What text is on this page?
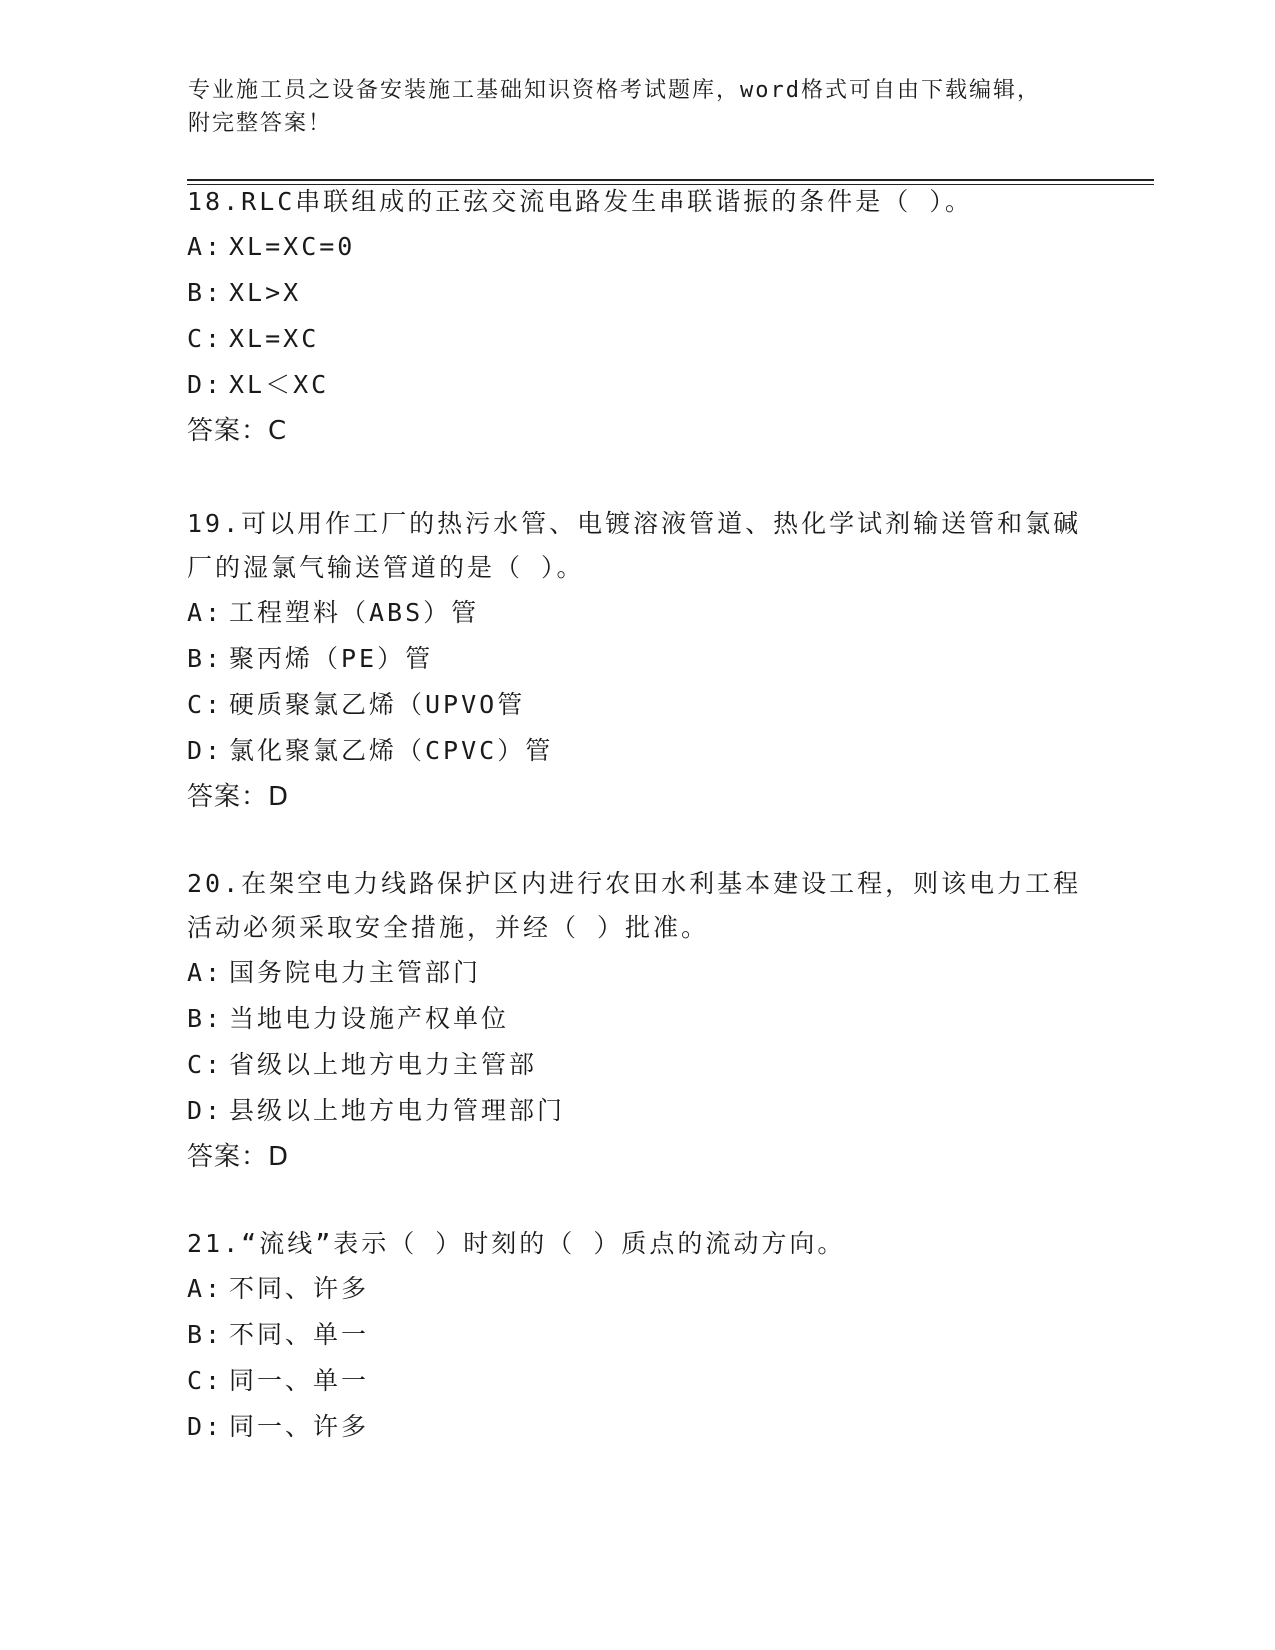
专业施工员之设备安装施工基础知识资格考试题库，word格式可自由下载编辑，
附完整答案！

18.RLC串联组成的正弦交流电路发生串联谐振的条件是（ ）。

A: XL=XC=0
B: XL>X
C: XL=XC
D: XL＜XC
答案：C

19.可以用作工厂的热污水管、电镀溶液管道、热化学试剂输送管和氯碱厂的湿氯气输送管道的是（ ）。

A: 工程塑料（ABS）管
B: 聚丙烯（PE）管
C: 硬质聚氯乙烯（UPVO管
D: 氯化聚氯乙烯（CPVC）管
答案：D

20.在架空电力线路保护区内进行农田水利基本建设工程，则该电力工程活动必须采取安全措施，并经（ ）批准。

A: 国务院电力主管部门
B: 当地电力设施产权单位
C: 省级以上地方电力主管部
D: 县级以上地方电力管理部门
答案：D

21.“流线”表示（ ）时刻的（ ）质点的流动方向。

A: 不同、许多
B: 不同、单一
C: 同一、单一
D: 同一、许多
